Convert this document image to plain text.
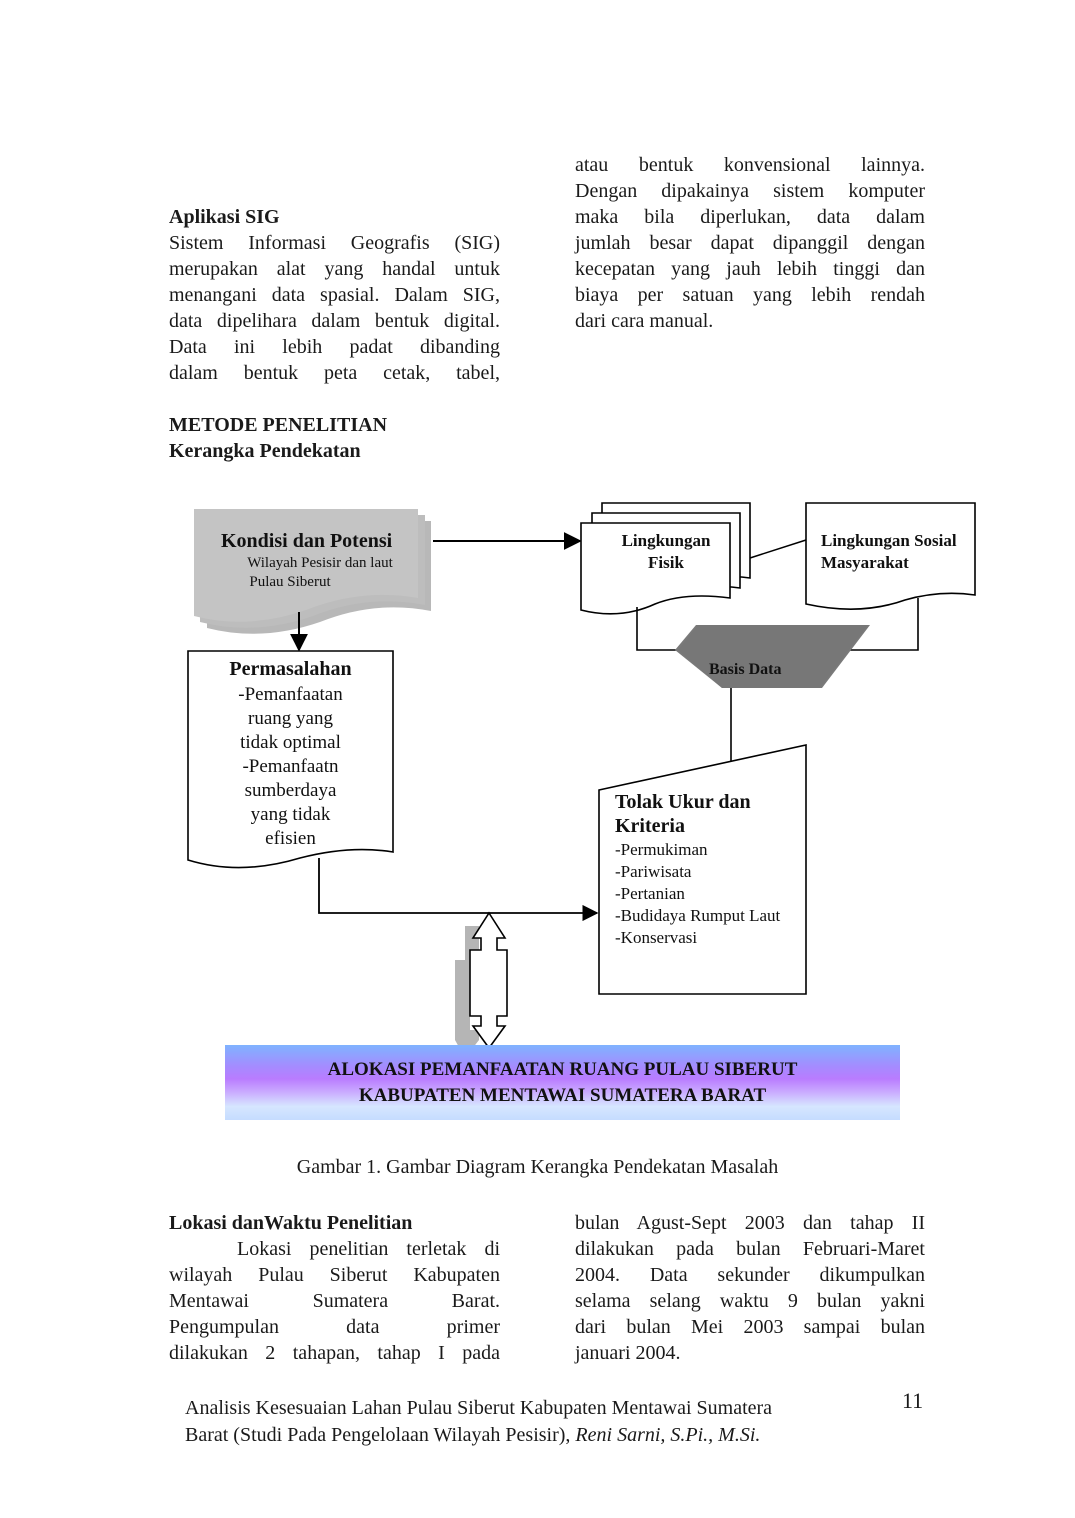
Aplikasi SIG
Sistem Informasi Geografis (SIG)
merupakan alat yang handal untuk
menangani data spasial. Dalam SIG,
data dipelihara dalam bentuk digital.
Data ini lebih padat dibanding
dalam bentuk peta cetak, tabel,
atau bentuk konvensional lainnya.
Dengan dipakainya sistem komputer
maka bila diperlukan, data dalam
jumlah besar dapat dipanggil dengan
kecepatan yang jauh lebih tinggi dan
biaya per satuan yang lebih rendah
dari cara manual.
METODE PENELITIAN
Kerangka Pendekatan
Kondisi dan Potensi
Wilayah Pesisir dan laut
Pulau Siberut
Lingkungan
Fisik
Lingkungan Sosial
Masyarakat
Basis Data
Permasalahan
-Pemanfaatan
ruang yang
tidak optimal
-Pemanfaatn
sumberdaya
yang tidak
efisien
Tolak Ukur dan
Kriteria
-Permukiman
-Pariwisata
-Pertanian
-Budidaya Rumput Laut
-Konservasi
ALOKASI PEMANFAATAN RUANG PULAU SIBERUT
KABUPATEN MENTAWAI SUMATERA BARAT
Gambar 1. Gambar Diagram Kerangka Pendekatan Masalah
Lokasi danWaktu Penelitian
Lokasi penelitian terletak di
wilayah Pulau Siberut Kabupaten
Mentawai Sumatera Barat.
Pengumpulan data primer
dilakukan 2 tahapan, tahap I pada
bulan Agust-Sept 2003 dan tahap II
dilakukan pada bulan Februari-Maret
2004. Data sekunder dikumpulkan
selama selang waktu 9 bulan yakni
dari bulan Mei 2003 sampai bulan
januari 2004.
Analisis Kesesuaian Lahan Pulau Siberut Kabupaten Mentawai Sumatera
Barat (Studi Pada Pengelolaan Wilayah Pesisir), Reni Sarni, S.Pi., M.Si.
11
